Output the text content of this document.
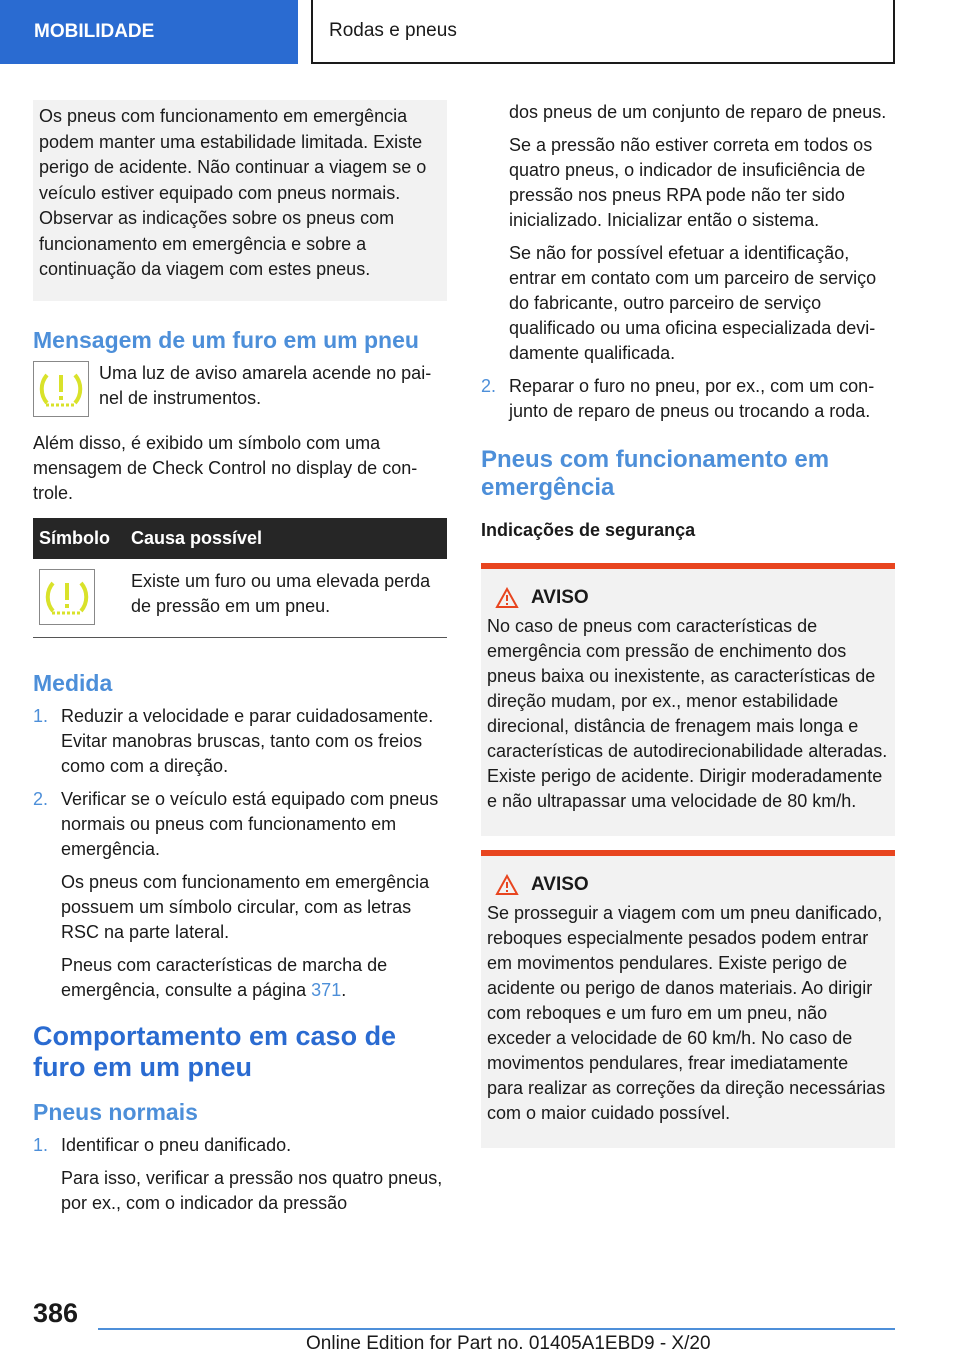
MOBILIDADE	Rodas e pneus

Os pneus com funcionamento em emergência podem manter uma estabilidade limitada. Existe perigo de acidente. Não continuar a viagem se o veículo estiver equipado com pneus normais. Observar as indicações sobre os pneus com funcionamento em emergência e sobre a continuação da viagem com estes pneus.

Mensagem de um furo em um pneu

Uma luz de aviso amarela acende no painel de instrumentos.

Além disso, é exibido um símbolo com uma mensagem de Check Control no display de controle.

Símbolo	Causa possível

	Existe um furo ou uma elevada perda de pressão em um pneu.
Medida
1. Reduzir a velocidade e parar cuidadosamente. Evitar manobras bruscas, tanto com os freios como com a direção.

2. Verificar se o veículo está equipado com pneus normais ou pneus com funcionamento em emergência.

Os pneus com funcionamento em emergência possuem um símbolo circular, com as letras RSC na parte lateral.

Pneus com características de marcha de emergência, consulte a página 371.

Comportamento em caso de furo em um pneu
Pneus normais
1. Identificar o pneu danificado.

Para isso, verificar a pressão nos quatro pneus, por ex., com o indicador da pressão

dos pneus de um conjunto de reparo de pneus.

Se a pressão não estiver correta em todos os quatro pneus, o indicador de insuficiência de pressão nos pneus RPA pode não ter sido inicializado. Inicializar então o sistema.

Se não for possível efetuar a identificação, entrar em contato com um parceiro de serviço do fabricante, outro parceiro de serviço qualificado ou uma oficina especializada devidamente qualificada.

2. Reparar o furo no pneu, por ex., com um conjunto de reparo de pneus ou trocando a roda.

Pneus com funcionamento em emergência
Indicações de segurança
AVISO

No caso de pneus com características de emergência com pressão de enchimento dos pneus baixa ou inexistente, as características de direção mudam, por ex., menor estabilidade direcional, distância de frenagem mais longa e características de autodirecionabilidade alteradas. Existe perigo de acidente. Dirigir moderadamente e não ultrapassar uma velocidade de 80 km/h.

AVISO

Se prosseguir a viagem com um pneu danificado, reboques especialmente pesados podem entrar em movimentos pendulares. Existe perigo de acidente ou perigo de danos materiais. Ao dirigir com reboques e um furo em um pneu, não exceder a velocidade de 60 km/h. No caso de movimentos pendulares, frear imediatamente para realizar as correções da direção necessárias com o maior cuidado possível.

386
Online Edition for Part no. 01405A1EBD9 - X/20
